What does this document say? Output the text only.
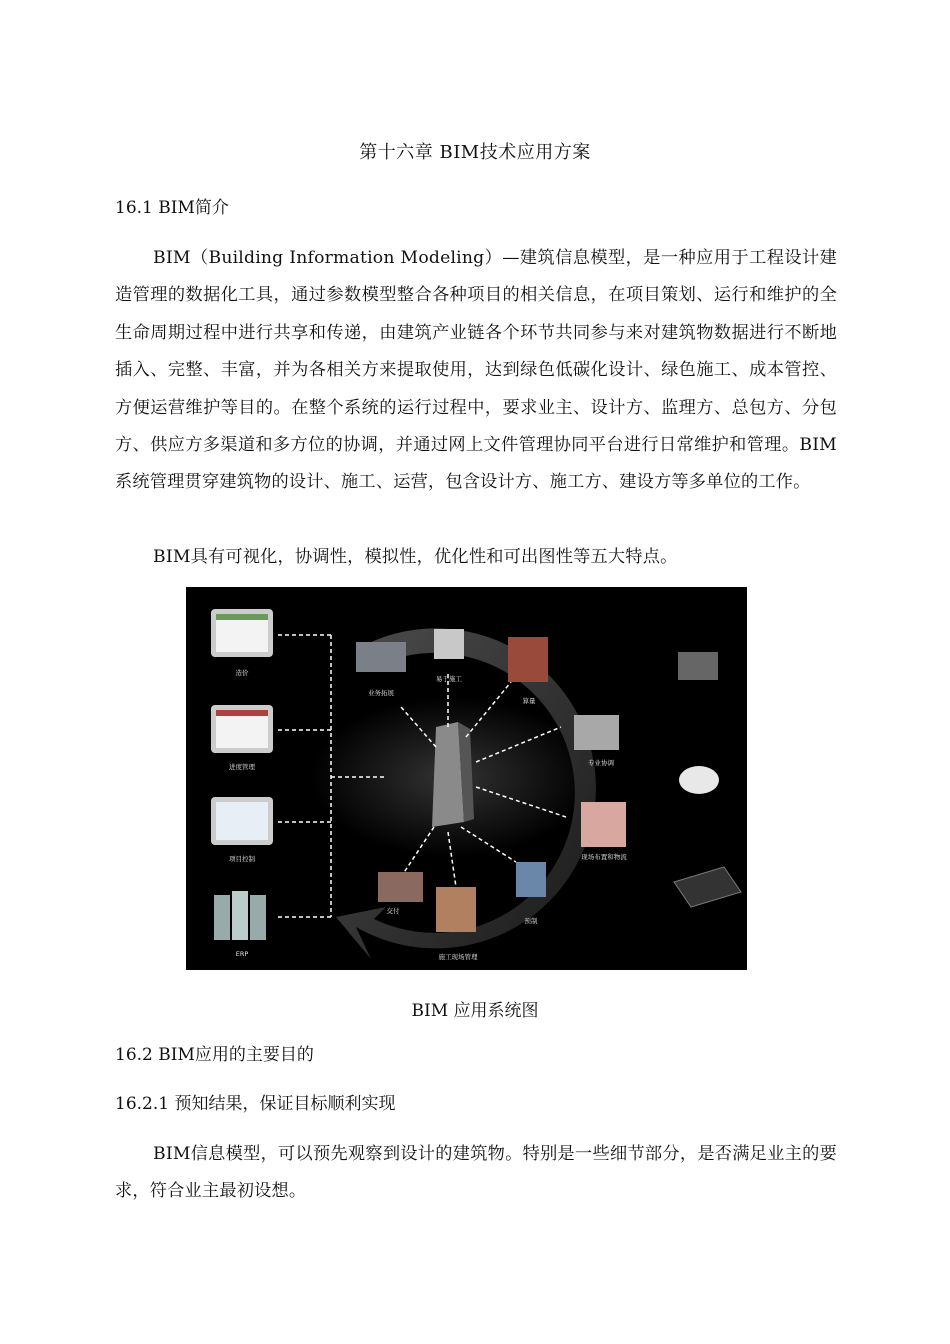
第十六章 BIM技术应用方案
16.1 BIM简介
BIM（Building Information Modeling）—建筑信息模型，是一种应用于工程设计建造管理的数据化工具，通过参数模型整合各种项目的相关信息，在项目策划、运行和维护的全生命周期过程中进行共享和传递，由建筑产业链各个环节共同参与来对建筑物数据进行不断地插入、完整、丰富，并为各相关方来提取使用，达到绿色低碳化设计、绿色施工、成本管控、方便运营维护等目的。在整个系统的运行过程中，要求业主、设计方、监理方、总包方、分包方、供应方多渠道和多方位的协调，并通过网上文件管理协同平台进行日常维护和管理。BIM系统管理贯穿建筑物的设计、施工、运营，包含设计方、施工方、建设方等多单位的工作。
BIM具有可视化，协调性，模拟性，优化性和可出图性等五大特点。
造价
进度管理
项目控制
ERP
业务拓展
易于施工
算量
专业协调
现场布置和物流
预制
施工现场管理
交付
BIM 应用系统图
16.2 BIM应用的主要目的
16.2.1 预知结果，保证目标顺利实现
BIM信息模型，可以预先观察到设计的建筑物。特别是一些细节部分，是否满足业主的要求，符合业主最初设想。
